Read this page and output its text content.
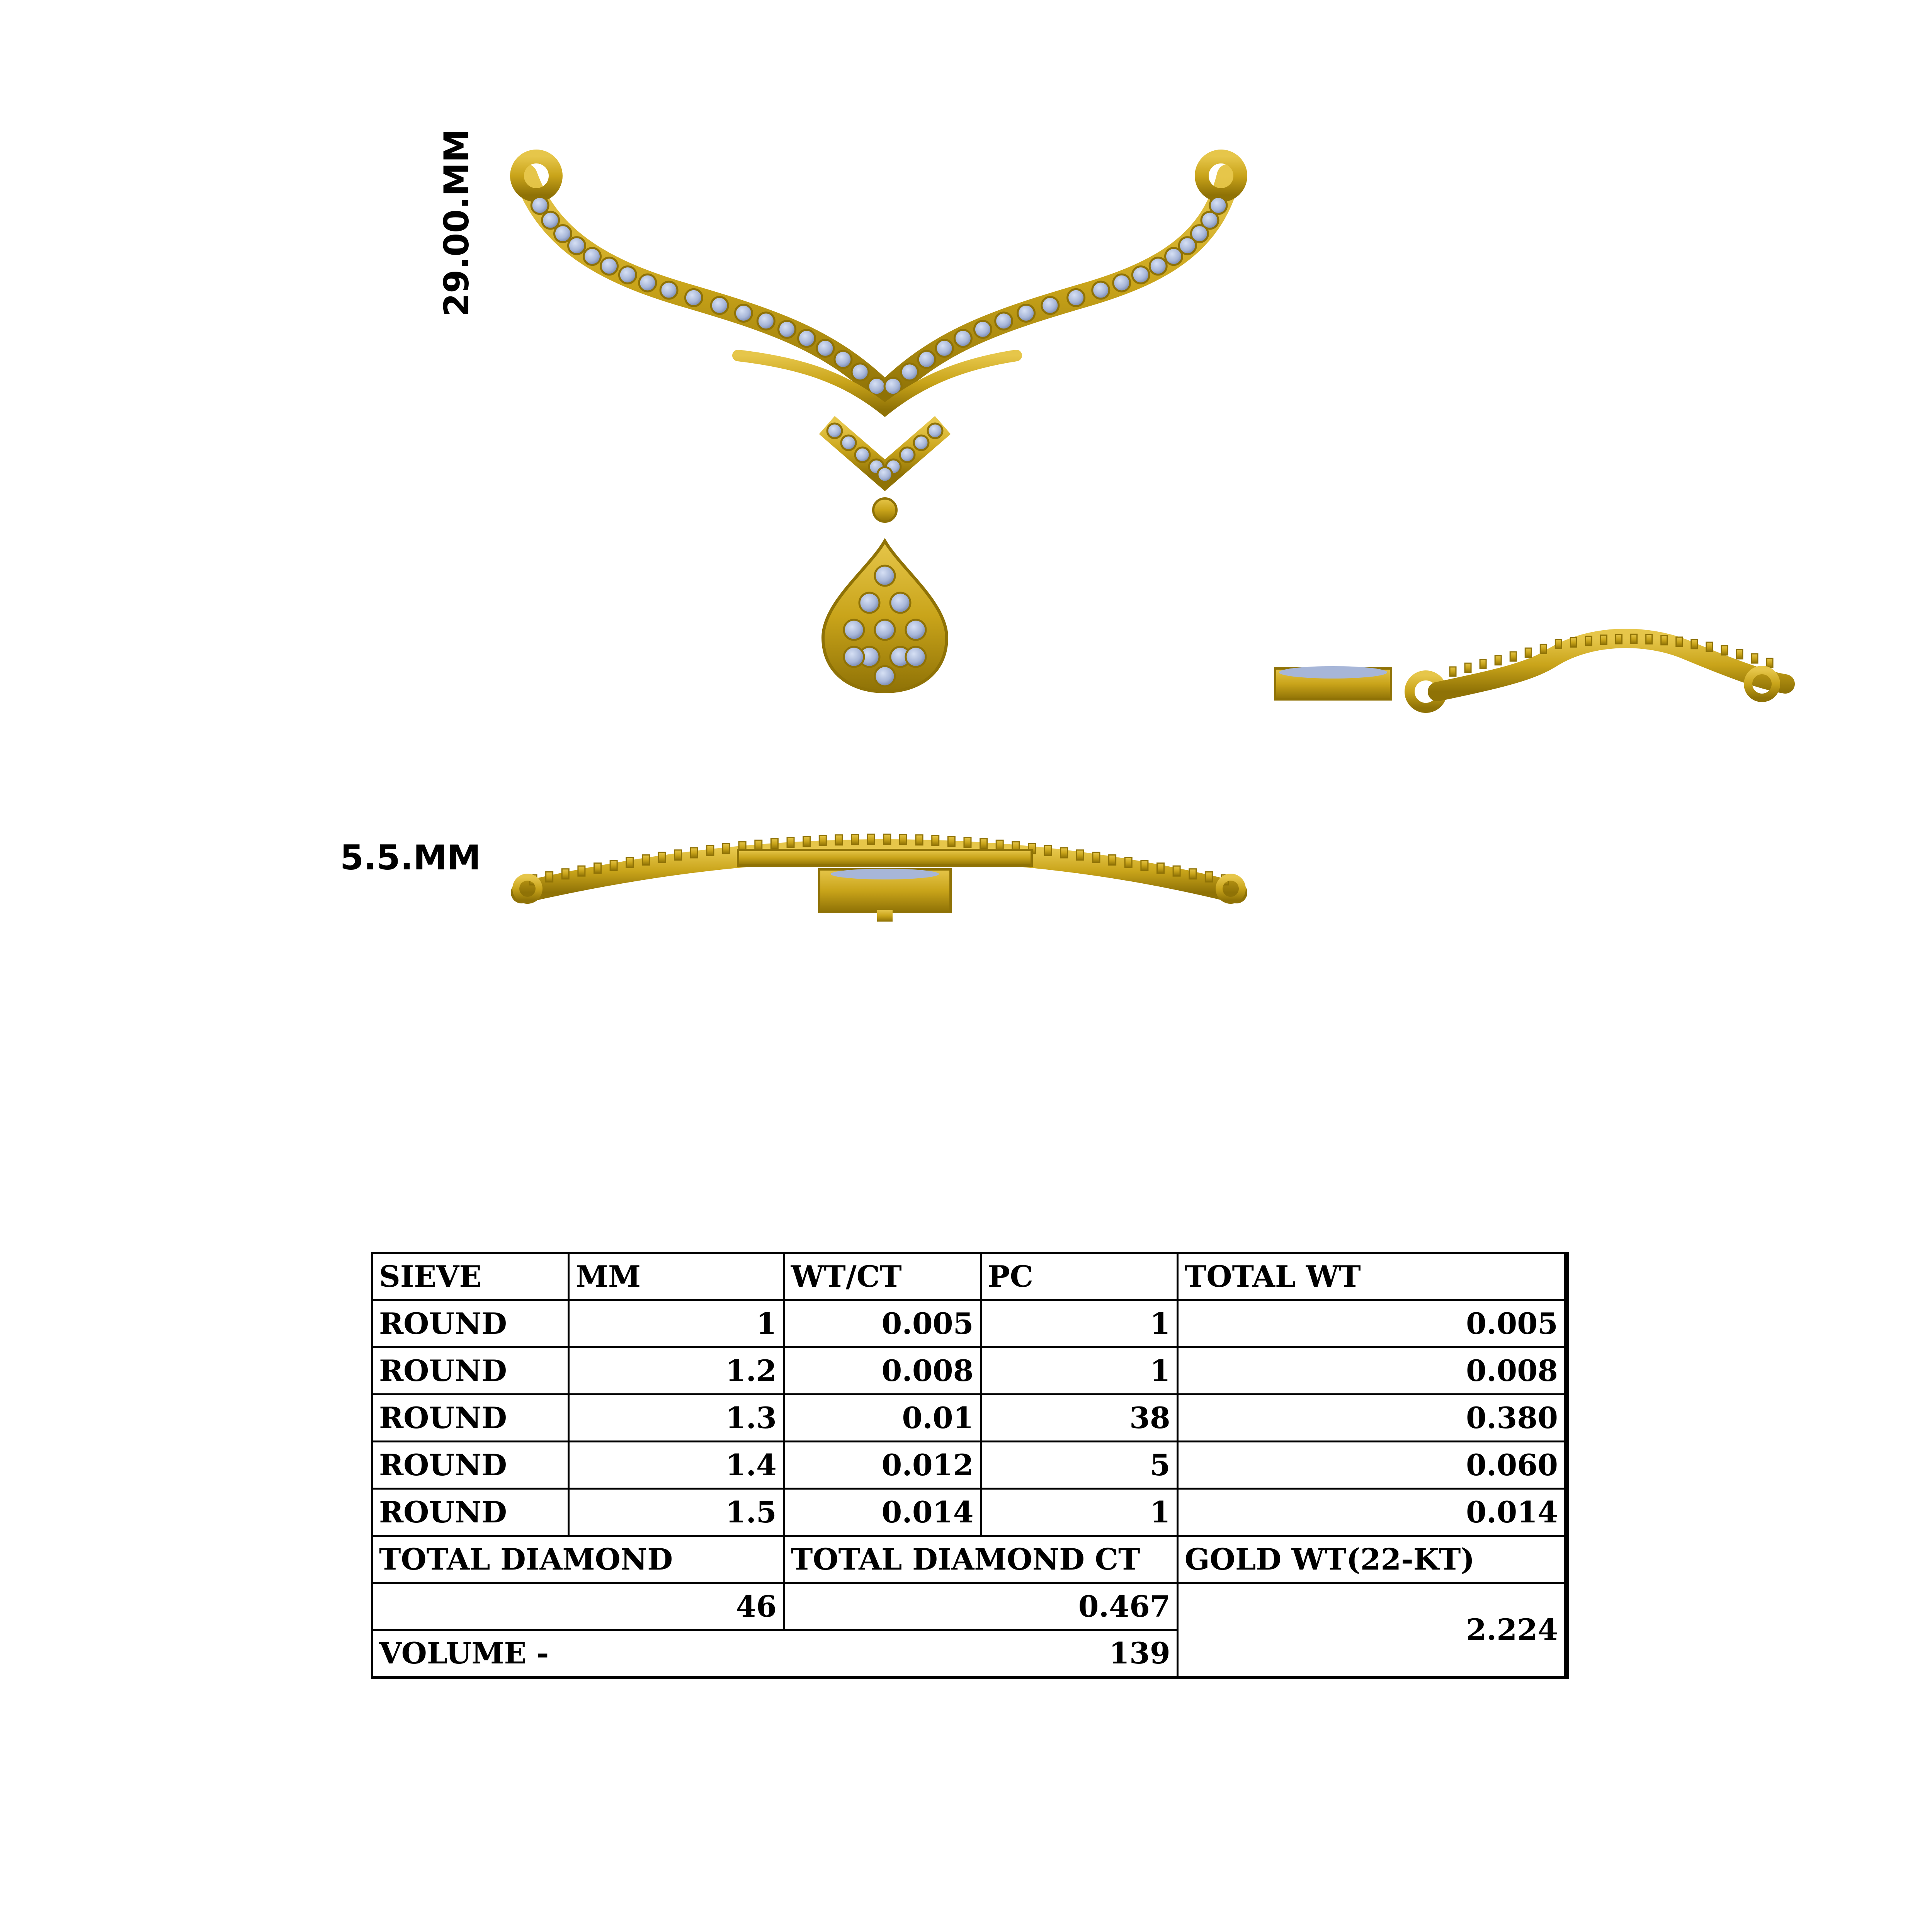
29.00.MM
5.5.MM
SIEVE	MM	WT/CT	PC	TOTAL WT
ROUND	1	0.005	1	0.005
ROUND	1.2	0.008	1	0.008
ROUND	1.3	0.01	38	0.380
ROUND	1.4	0.012	5	0.060
ROUND	1.5	0.014	1	0.014
TOTAL DIAMOND		TOTAL DIAMOND CT		GOLD WT(22-KT)
46		0.467		2.224
VOLUME -		139		
